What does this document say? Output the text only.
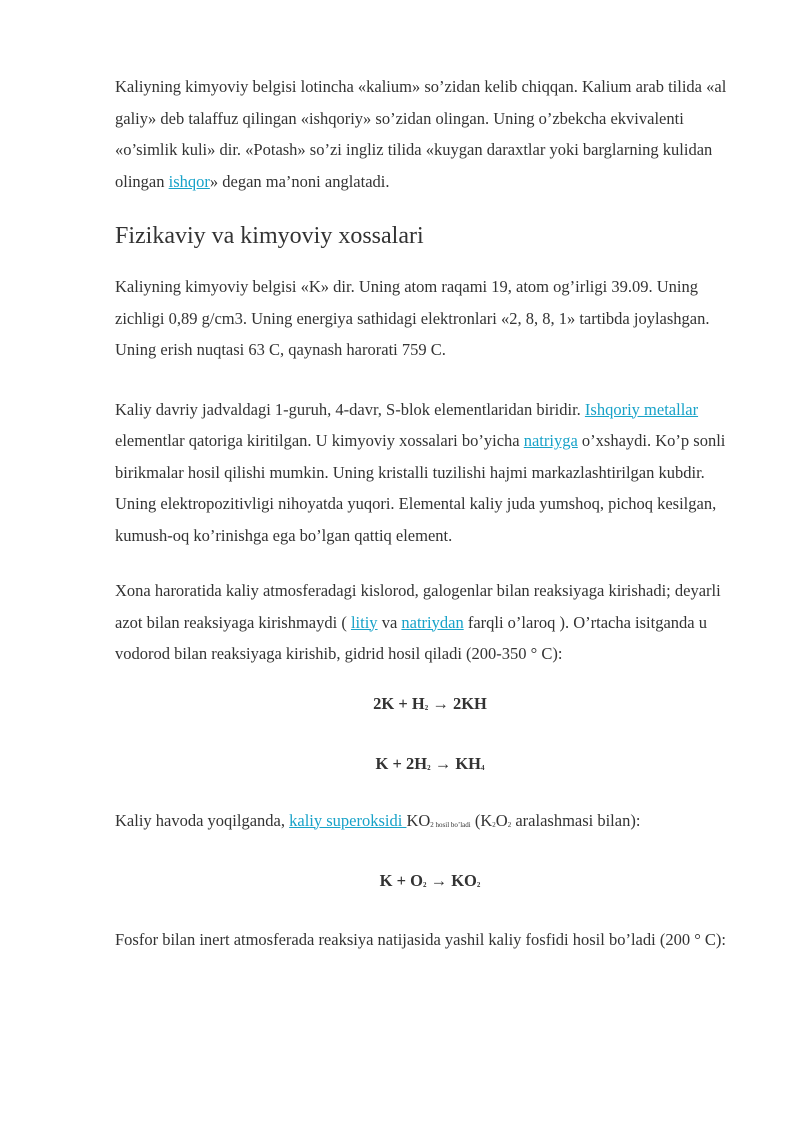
Kaliyning kimyoviy belgisi lotincha «kalium» so’zidan kelib chiqqan. Kalium arab tilida «al galiy» deb talaffuz qilingan «ishqoriy» so’zidan olingan. Uning o’zbekcha ekvivalenti «o’simlik kuli» dir. «Potash» so’zi ingliz tilida «kuygan daraxtlar yoki barglarning kulidan olingan ishqor» degan ma’noni anglatadi.

Fizikaviy va kimyoviy xossalari

Kaliyning kimyoviy belgisi «K» dir. Uning atom raqami 19, atom og’irligi 39.09. Uning zichligi 0,89 g/cm3. Uning energiya sathidagi elektronlari «2, 8, 8, 1» tartibda joylashgan. Uning erish nuqtasi 63 C, qaynash harorati 759 C.

Kaliy davriy jadvaldagi 1-guruh, 4-davr, S-blok elementlaridan biridir. Ishqoriy metallar elementlar qatoriga kiritilgan. U kimyoviy xossalari bo’yicha natriyga o’xshaydi. Ko’p sonli birikmalar hosil qilishi mumkin. Uning kristalli tuzilishi hajmi markazlashtirilgan kubdir. Uning elektropozitivligi nihoyatda yuqori. Elemental kaliy juda yumshoq, pichoq kesilgan, kumush-oq ko’rinishga ega bo’lgan qattiq element.

Xona haroratida kaliy atmosferadagi kislorod, galogenlar bilan reaksiyaga kirishadi; deyarli azot bilan reaksiyaga kirishmaydi ( litiy va natriydan farqli o’laroq ). O’rtacha isitganda u vodorod bilan reaksiyaga kirishib, gidrid hosil qiladi (200-350 ° C):

$2K + H_2 \to 2KH$
$K + 2H_2 \to KH_4$

Kaliy havoda yoqilganda, kaliy superoksidi $KO_{2 hosil bo’ladi}$ ($K_2O_2$ aralashmasi bilan):

$K + O_2 \to KO_2$

Fosfor bilan inert atmosferada reaksiya natijasida yashil kaliy fosfidi hosil bo’ladi (200 ° C):
